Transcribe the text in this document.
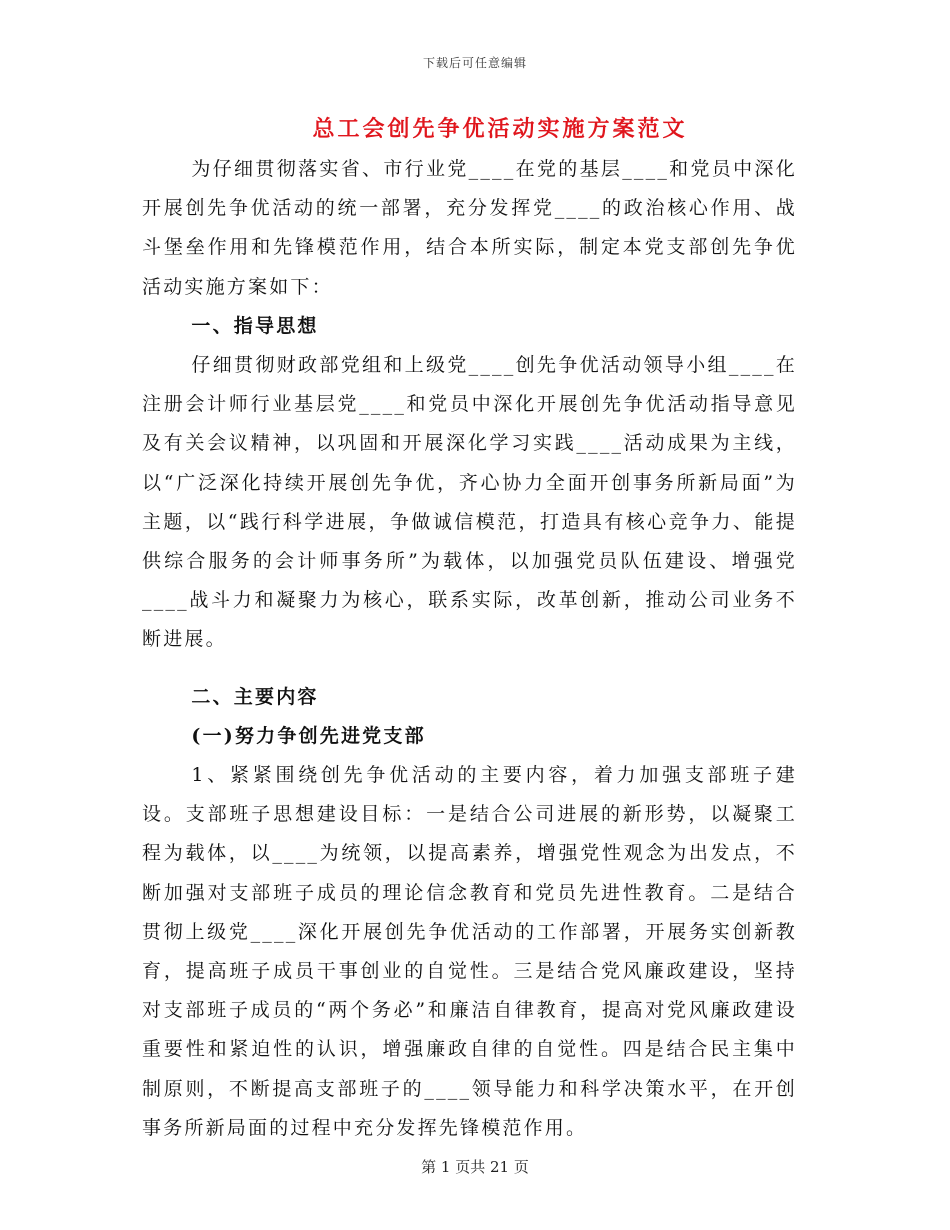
下载后可任意编辑
总工会创先争优活动实施方案范文

为仔细贯彻落实省、市行业党____在党的基层____和党员中深化开展创先争优活动的统一部署，充分发挥党____的政治核心作用、战斗堡垒作用和先锋模范作用，结合本所实际，制定本党支部创先争优活动实施方案如下：

一、指导思想

仔细贯彻财政部党组和上级党____创先争优活动领导小组____在注册会计师行业基层党____和党员中深化开展创先争优活动指导意见及有关会议精神，以巩固和开展深化学习实践____活动成果为主线，以“广泛深化持续开展创先争优，齐心协力全面开创事务所新局面”为主题，以“践行科学进展，争做诚信模范，打造具有核心竞争力、能提供综合服务的会计师事务所”为载体，以加强党员队伍建设、增强党____战斗力和凝聚力为核心，联系实际，改革创新，推动公司业务不断进展。

二、主要内容

(一)努力争创先进党支部

1、紧紧围绕创先争优活动的主要内容，着力加强支部班子建设。支部班子思想建设目标：一是结合公司进展的新形势，以凝聚工程为载体，以____为统领，以提高素养，增强党性观念为出发点，不断加强对支部班子成员的理论信念教育和党员先进性教育。二是结合贯彻上级党____深化开展创先争优活动的工作部署，开展务实创新教育，提高班子成员干事创业的自觉性。三是结合党风廉政建设，坚持对支部班子成员的“两个务必”和廉洁自律教育，提高对党风廉政建设重要性和紧迫性的认识，增强廉政自律的自觉性。四是结合民主集中制原则，不断提高支部班子的____领导能力和科学决策水平，在开创事务所新局面的过程中充分发挥先锋模范作用。

第 1 页共 21 页
